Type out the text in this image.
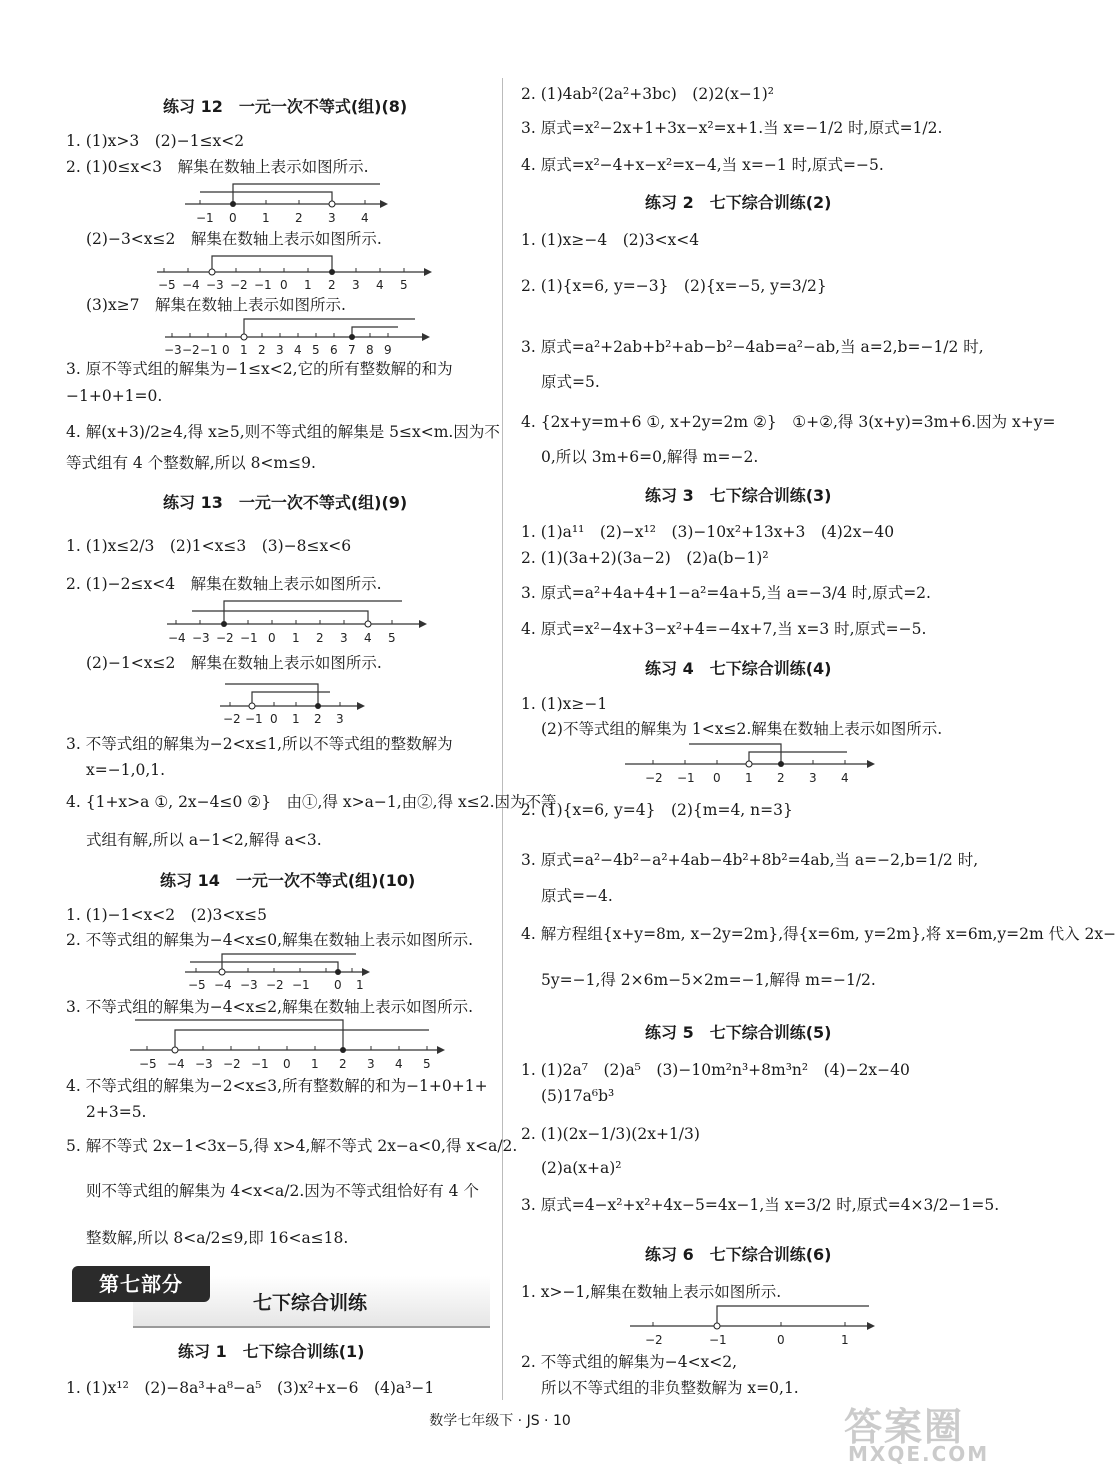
练习 12　一元一次不等式(组)(8)
1. (1)x>3　(2)−1≤x<2
2. (1)0≤x<3　解集在数轴上表示如图所示.
−1 0 1 2 3 4
(2)−3<x≤2　解集在数轴上表示如图所示.
−5 −4 −3 −2 −1 0 1 2 3 4 5
(3)x≥7　解集在数轴上表示如图所示.
−3 −2 −1 0 1 2 3 4 5 6 7 8 9
3. 原不等式组的解集为−1≤x<2,它的所有整数解的和为
−1+0+1=0.
4. 解(x+3)/2≥4,得 x≥5,则不等式组的解集是 5≤x<m.因为不
等式组有 4 个整数解,所以 8<m≤9.
练习 13　一元一次不等式(组)(9)
1. (1)x≤2/3　(2)1<x≤3　(3)−8≤x<6
2. (1)−2≤x<4　解集在数轴上表示如图所示.
−4 −3 −2 −1 0 1 2 3 4 5
(2)−1<x≤2　解集在数轴上表示如图所示.
−2 −1 0 1 2 3
3. 不等式组的解集为−2<x≤1,所以不等式组的整数解为
x=−1,0,1.
4. {1+x>a ①, 2x−4≤0 ②}　由①,得 x>a−1,由②,得 x≤2.因为不等
式组有解,所以 a−1<2,解得 a<3.
练习 14　一元一次不等式(组)(10)
1. (1)−1<x<2　(2)3<x≤5
2. 不等式组的解集为−4<x≤0,解集在数轴上表示如图所示.
−5 −4 −3 −2 −1 0 1
3. 不等式组的解集为−4<x≤2,解集在数轴上表示如图所示.
−5 −4 −3 −2 −1 0 1 2 3 4 5
4. 不等式组的解集为−2<x≤3,所有整数解的和为−1+0+1+
2+3=5.
5. 解不等式 2x−1<3x−5,得 x>4,解不等式 2x−a<0,得 x<a/2.
则不等式组的解集为 4<x<a/2.因为不等式组恰好有 4 个
整数解,所以 8<a/2≤9,即 16<a≤18.
第七部分
七下综合训练
练习 1　七下综合训练(1)
1. (1)x¹²　(2)−8a³+a⁸−a⁵　(3)x²+x−6　(4)a³−1
2. (1)4ab²(2a²+3bc)　(2)2(x−1)²
3. 原式=x²−2x+1+3x−x²=x+1.当 x=−1/2 时,原式=1/2.
4. 原式=x²−4+x−x²=x−4,当 x=−1 时,原式=−5.
练习 2　七下综合训练(2)
1. (1)x≥−4　(2)3<x<4
2. (1){x=6, y=−3}　(2){x=−5, y=3/2}
3. 原式=a²+2ab+b²+ab−b²−4ab=a²−ab,当 a=2,b=−1/2 时,
原式=5.
4. {2x+y=m+6 ①, x+2y=2m ②}　①+②,得 3(x+y)=3m+6.因为 x+y=
0,所以 3m+6=0,解得 m=−2.
练习 3　七下综合训练(3)
1. (1)a¹¹　(2)−x¹²　(3)−10x²+13x+3　(4)2x−40
2. (1)(3a+2)(3a−2)　(2)a(b−1)²
3. 原式=a²+4a+4+1−a²=4a+5,当 a=−3/4 时,原式=2.
4. 原式=x²−4x+3−x²+4=−4x+7,当 x=3 时,原式=−5.
练习 4　七下综合训练(4)
1. (1)x≥−1
(2)不等式组的解集为 1<x≤2.解集在数轴上表示如图所示.
−2 −1 0 1 2 3 4
2. (1){x=6, y=4}　(2){m=4, n=3}
3. 原式=a²−4b²−a²+4ab−4b²+8b²=4ab,当 a=−2,b=1/2 时,
原式=−4.
4. 解方程组{x+y=8m, x−2y=2m},得{x=6m, y=2m},将 x=6m,y=2m 代入 2x−
5y=−1,得 2×6m−5×2m=−1,解得 m=−1/2.
练习 5　七下综合训练(5)
1. (1)2a⁷　(2)a⁵　(3)−10m²n³+8m³n²　(4)−2x−40
(5)17a⁶b³
2. (1)(2x−1/3)(2x+1/3)
(2)a(x+a)²
3. 原式=4−x²+x²+4x−5=4x−1,当 x=3/2 时,原式=4×3/2−1=5.
练习 6　七下综合训练(6)
1. x>−1,解集在数轴上表示如图所示.
−2	−1	0	1
2. 不等式组的解集为−4<x<2,
所以不等式组的非负整数解为 x=0,1.
数学七年级下 · JS · 10	答案圈
MXQE.COM
